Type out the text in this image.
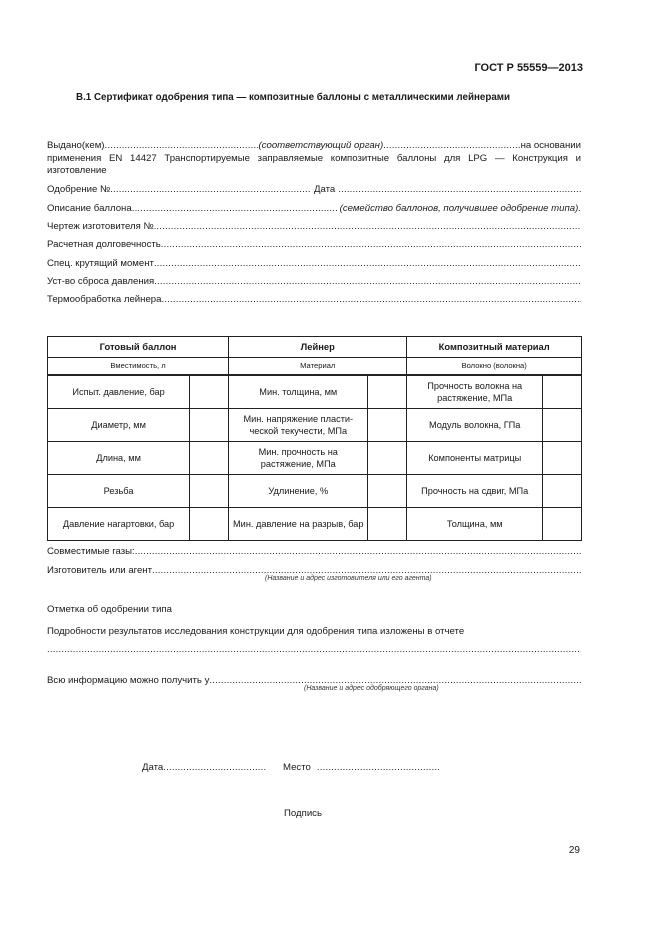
ГОСТ Р 55559—2013
В.1 Сертификат одобрения типа — композитные баллоны с металлическими лейнерами
Выдано(кем) .....	(соответствующий орган) .....	на основании
применения EN 14427 Транспортируемые заправляемые композитные баллоны для LPG — Конструкция и
изготовление
Одобрение №. .....	Дата
.....
Описание баллона .....	(семейство баллонов, получившее одобрение типа).
Чертеж изготовителя №.
.....
Расчетная долговечность
.....
Спец. крутящий момент
.....
Уст-во сброса давления
.....
Термообработка лейнера
.....
Готовый баллон		Лейнер		Композитный материал	
Вместимость, л		Материал		Волокно (волокна)	
Испыт. давление, бар		Мин. толщина, мм		Прочность волокна на растяжение, МПа	
Диаметр, мм		Мин. напряжение пласти-ческой текучести, МПа		Модуль волокна, ГПа	
Длина, мм		Мин. прочность на растяжение, МПа		Компоненты матрицы	
Резьба		Удлинение, %		Прочность на сдвиг, МПа	
Давление нагартовки, бар		Мин. давление на разрыв, бар		Толщина, мм	
Совместимые газы:
.....
Изготовитель или агент
.....
(Название и адрес изготовителя или его агента)
Отметка об одобрении типа
Подробности результатов исследования конструкции для одобрения типа изложены в отчете
.....
Всю информацию можно получить у
.....
(Название и адрес одобряющего органа)
Дата .....	Место
.....
Подпись
29
